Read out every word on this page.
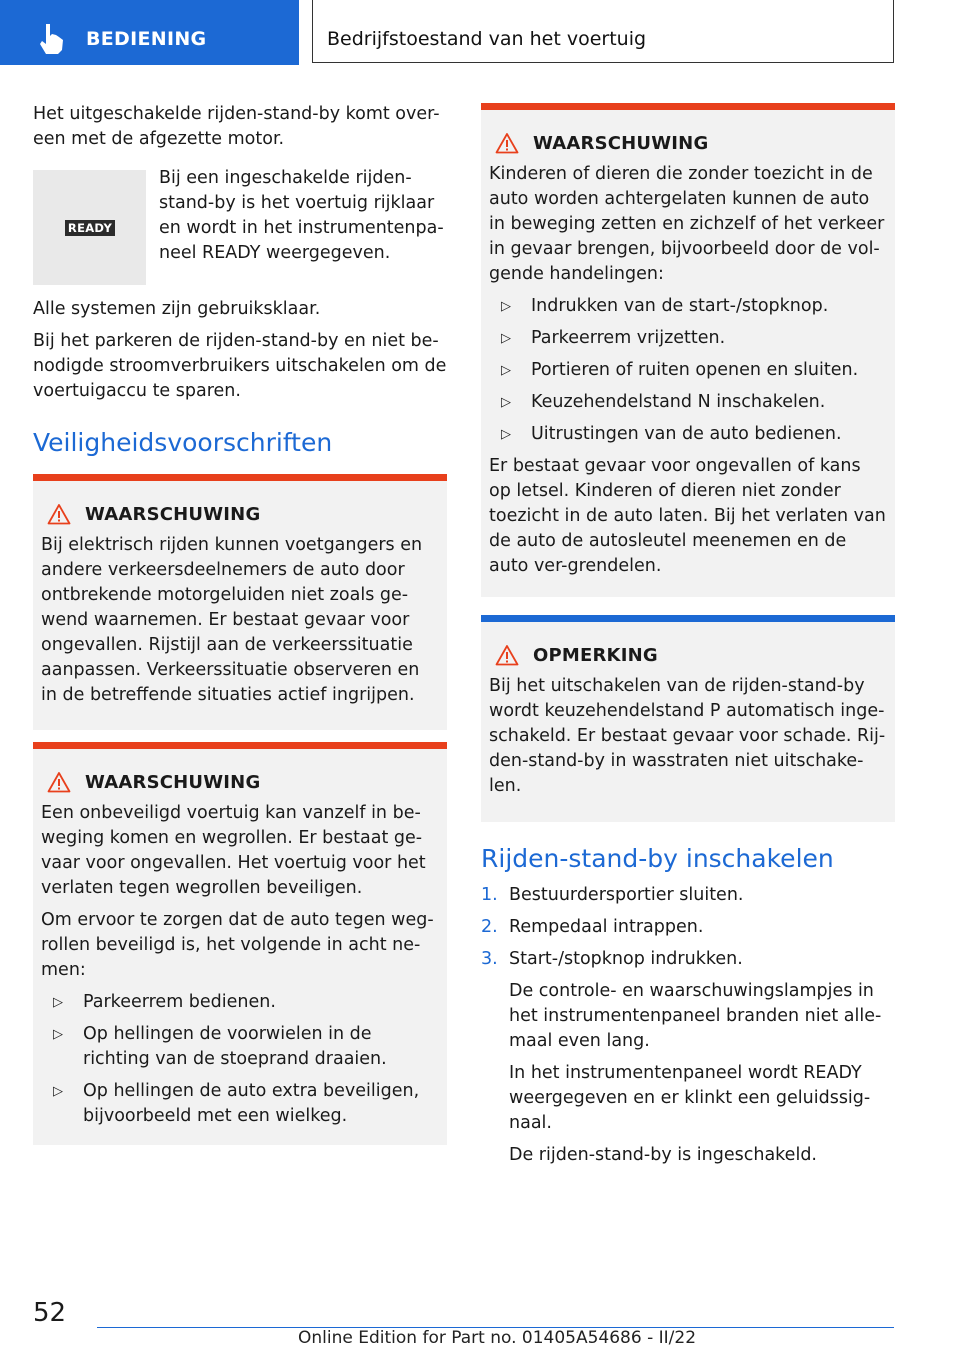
BEDIENING	Bedrijfstoestand van het voertuig

Het uitgeschakelde rijden-stand-by komt over-een met de afgezette motor.

READY

Bij een ingeschakelde rijden-stand-by is het voertuig rijklaar en wordt in het instrumentenpa-neel READY weergegeven.

Alle systemen zijn gebruiksklaar.

Bij het parkeren de rijden-stand-by en niet be-nodigde stroomverbruikers uitschakelen om de voertuigaccu te sparen.

Veiligheidsvoorschriften
WAARSCHUWING

Bij elektrisch rijden kunnen voetgangers en andere verkeersdeelnemers de auto door ontbrekende motorgeluiden niet zoals ge-wend waarnemen. Er bestaat gevaar voor ongevallen. Rijstijl aan de verkeerssituatie aanpassen. Verkeerssituatie observeren en in de betreffende situaties actief ingrijpen.

WAARSCHUWING

Een onbeveiligd voertuig kan vanzelf in be-weging komen en wegrollen. Er bestaat ge-vaar voor ongevallen. Het voertuig voor het verlaten tegen wegrollen beveiligen.

Om ervoor te zorgen dat de auto tegen weg-rollen beveiligd is, het volgende in acht ne-men:

▷ Parkeerrem bedienen.
▷ Op hellingen de voorwielen in de richting van de stoeprand draaien.
▷ Op hellingen de auto extra beveiligen, bijvoorbeeld met een wielkeg.
WAARSCHUWING

Kinderen of dieren die zonder toezicht in de auto worden achtergelaten kunnen de auto in beweging zetten en zichzelf of het verkeer in gevaar brengen, bijvoorbeeld door de vol-gende handelingen:

▷ Indrukken van de start-/stopknop.
▷ Parkeerrem vrijzetten.
▷ Portieren of ruiten openen en sluiten.
▷ Keuzehendelstand N inschakelen.
▷ Uitrustingen van de auto bedienen.

Er bestaat gevaar voor ongevallen of kans op letsel. Kinderen of dieren niet zonder toezicht in de auto laten. Bij het verlaten van de auto de autosleutel meenemen en de auto ver-grendelen.

OPMERKING

Bij het uitschakelen van de rijden-stand-by wordt keuzehendelstand P automatisch inge-schakeld. Er bestaat gevaar voor schade. Rij-den-stand-by in wasstraten niet uitschake-len.

Rijden-stand-by inschakelen
1. Bestuurdersportier sluiten.
2. Rempedaal intrappen.
3. Start-/stopknop indrukken.

De controle- en waarschuwingslampjes in het instrumentenpaneel branden niet alle-maal even lang.

In het instrumentenpaneel wordt READY weergegeven en er klinkt een geluidssig-naal.

De rijden-stand-by is ingeschakeld.

52
Online Edition for Part no. 01405A54686 - II/22
